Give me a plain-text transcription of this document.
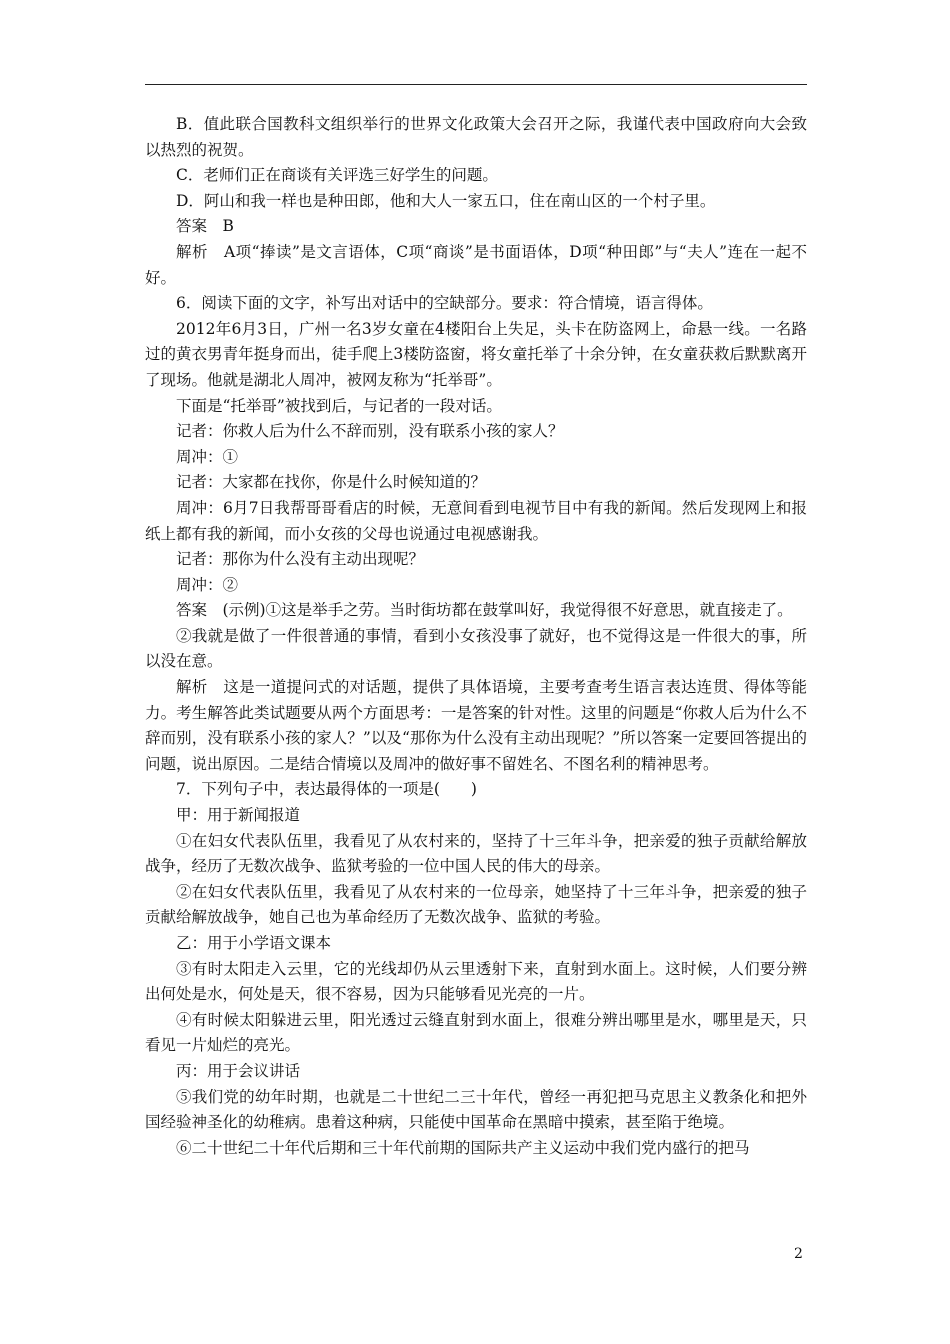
B．值此联合国教科文组织举行的世界文化政策大会召开之际，我谨代表中国政府向大会致以热烈的祝贺。

C．老师们正在商谈有关评选三好学生的问题。

D．阿山和我一样也是种田郎，他和大人一家五口，住在南山区的一个村子里。

答案　B

解析　A项“捧读”是文言语体，C项“商谈”是书面语体，D项“种田郎”与“夫人”连在一起不好。

6．阅读下面的文字，补写出对话中的空缺部分。要求：符合情境，语言得体。

2012年6月3日，广州一名3岁女童在4楼阳台上失足，头卡在防盗网上，命悬一线。一名路过的黄衣男青年挺身而出，徒手爬上3楼防盗窗，将女童托举了十余分钟，在女童获救后默默离开了现场。他就是湖北人周冲，被网友称为“托举哥”。

下面是“托举哥”被找到后，与记者的一段对话。

记者：你救人后为什么不辞而别，没有联系小孩的家人？

周冲：①

记者：大家都在找你，你是什么时候知道的？

周冲：6月7日我帮哥哥看店的时候，无意间看到电视节目中有我的新闻。然后发现网上和报纸上都有我的新闻，而小女孩的父母也说通过电视感谢我。

记者：那你为什么没有主动出现呢？

周冲：②

答案　(示例)①这是举手之劳。当时街坊都在鼓掌叫好，我觉得很不好意思，就直接走了。

②我就是做了一件很普通的事情，看到小女孩没事了就好，也不觉得这是一件很大的事，所以没在意。

解析　这是一道提问式的对话题，提供了具体语境，主要考查考生语言表达连贯、得体等能力。考生解答此类试题要从两个方面思考：一是答案的针对性。这里的问题是“你救人后为什么不辞而别，没有联系小孩的家人？”以及“那你为什么没有主动出现呢？”所以答案一定要回答提出的问题，说出原因。二是结合情境以及周冲的做好事不留姓名、不图名利的精神思考。

7．下列句子中，表达最得体的一项是(　　)

甲：用于新闻报道

①在妇女代表队伍里，我看见了从农村来的，坚持了十三年斗争，把亲爱的独子贡献给解放战争，经历了无数次战争、监狱考验的一位中国人民的伟大的母亲。

②在妇女代表队伍里，我看见了从农村来的一位母亲，她坚持了十三年斗争，把亲爱的独子贡献给解放战争，她自己也为革命经历了无数次战争、监狱的考验。

乙：用于小学语文课本

③有时太阳走入云里，它的光线却仍从云里透射下来，直射到水面上。这时候，人们要分辨出何处是水，何处是天，很不容易，因为只能够看见光亮的一片。

④有时候太阳躲进云里，阳光透过云缝直射到水面上，很难分辨出哪里是水，哪里是天，只看见一片灿烂的亮光。

丙：用于会议讲话

⑤我们党的幼年时期，也就是二十世纪二三十年代，曾经一再犯把马克思主义教条化和把外国经验神圣化的幼稚病。患着这种病，只能使中国革命在黑暗中摸索，甚至陷于绝境。

⑥二十世纪二十年代后期和三十年代前期的国际共产主义运动中我们党内盛行的把马

2
